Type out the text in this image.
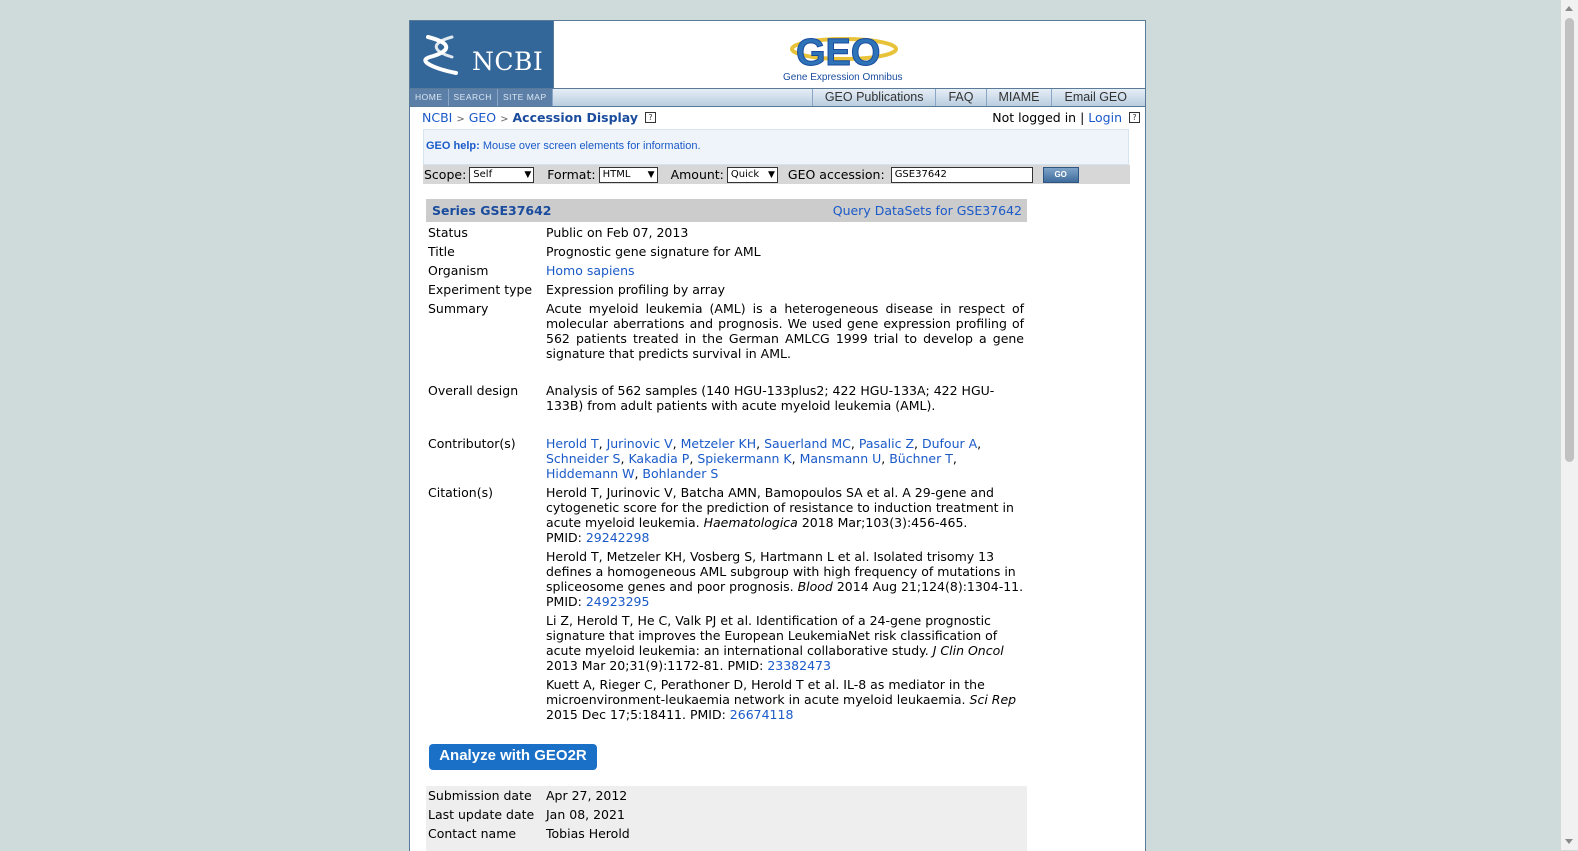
NCBI	GEO
Gene Expression Omnibus
HOME	SEARCH	SITE MAP	GEO Publications	FAQ	MIAME	Email GEO
NCBI > GEO > Accession Display ?	Not logged in | Login ?
GEO help: Mouse over screen elements for information.
Scope: Self	▼ Format: HTML ▼ Amount: Quick ▼ GEO accession:	GSE37642	GO
Series GSE37642	Query DataSets for GSE37642
Status	Public on Feb 07, 2013
Title	Prognostic gene signature for AML
Organism	Homo sapiens
Experiment type	Expression profiling by array
Summary	Acute myeloid leukemia (AML) is a heterogeneous disease in respect of molecular aberrations and prognosis. We used gene expression profiling of 562 patients treated in the German AMLCG 1999 trial to develop a gene signature that predicts survival in AML.
Overall design	Analysis of 562 samples (140 HGU-133plus2; 422 HGU-133A; 422 HGU-133B) from adult patients with acute myeloid leukemia (AML).
Contributor(s)	Herold T, Jurinovic V, Metzeler KH, Sauerland MC, Pasalic Z, Dufour A, Schneider S, Kakadia P, Spiekermann K, Mansmann U, Büchner T, Hiddemann W, Bohlander S
Citation(s)	Herold T, Jurinovic V, Batcha AMN, Bamopoulos SA et al. A 29-gene and cytogenetic score for the prediction of resistance to induction treatment in acute myeloid leukemia. Haematologica 2018 Mar;103(3):456-465.
PMID: 29242298
Herold T, Metzeler KH, Vosberg S, Hartmann L et al. Isolated trisomy 13 defines a homogeneous AML subgroup with high frequency of mutations in spliceosome genes and poor prognosis. Blood 2014 Aug 21;124(8):1304-11.
PMID: 24923295
Li Z, Herold T, He C, Valk PJ et al. Identification of a 24-gene prognostic signature that improves the European LeukemiaNet risk classification of acute myeloid leukemia: an international collaborative study. J Clin Oncol 2013 Mar 20;31(9):1172-81. PMID: 23382473
Kuett A, Rieger C, Perathoner D, Herold T et al. IL-8 as mediator in the microenvironment-leukaemia network in acute myeloid leukaemia. Sci Rep 2015 Dec 17;5:18411. PMID: 26674118
Analyze with GEO2R
Submission date	Apr 27, 2012
Last update date Jan 08, 2021
Contact name	Tobias Herold
